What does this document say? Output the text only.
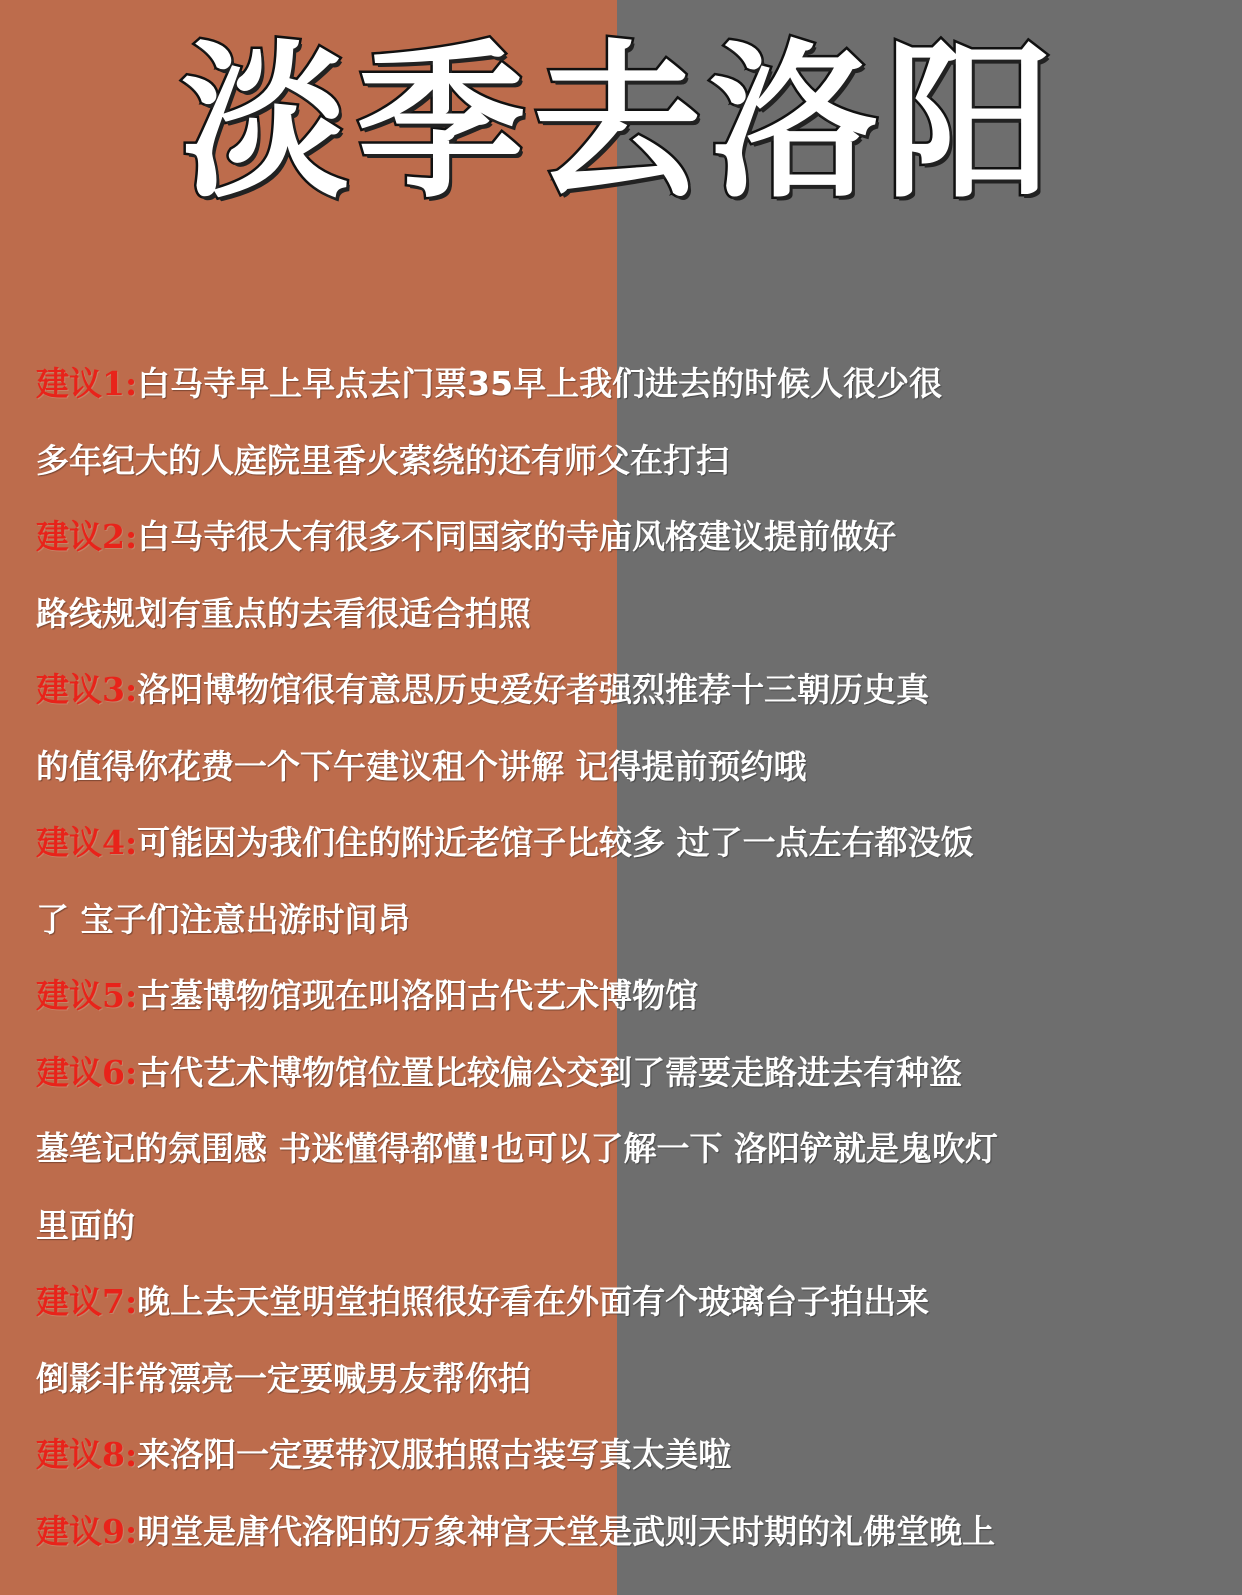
淡季去洛阳
建议1:白马寺早上早点去门票35早上我们进去的时候人很少很
多年纪大的人庭院里香火萦绕的还有师父在打扫
建议2:白马寺很大有很多不同国家的寺庙风格建议提前做好
路线规划有重点的去看很适合拍照
建议3:洛阳博物馆很有意思历史爱好者强烈推荐十三朝历史真
的值得你花费一个下午建议租个讲解 记得提前预约哦
建议4:可能因为我们住的附近老馆子比较多 过了一点左右都没饭
了 宝子们注意出游时间昂
建议5:古墓博物馆现在叫洛阳古代艺术博物馆
建议6:古代艺术博物馆位置比较偏公交到了需要走路进去有种盗
墓笔记的氛围感 书迷懂得都懂!也可以了解一下 洛阳铲就是鬼吹灯
里面的
建议7:晚上去天堂明堂拍照很好看在外面有个玻璃台子拍出来
倒影非常漂亮一定要喊男友帮你拍
建议8:来洛阳一定要带汉服拍照古装写真太美啦
建议9:明堂是唐代洛阳的万象神宫天堂是武则天时期的礼佛堂晚上
